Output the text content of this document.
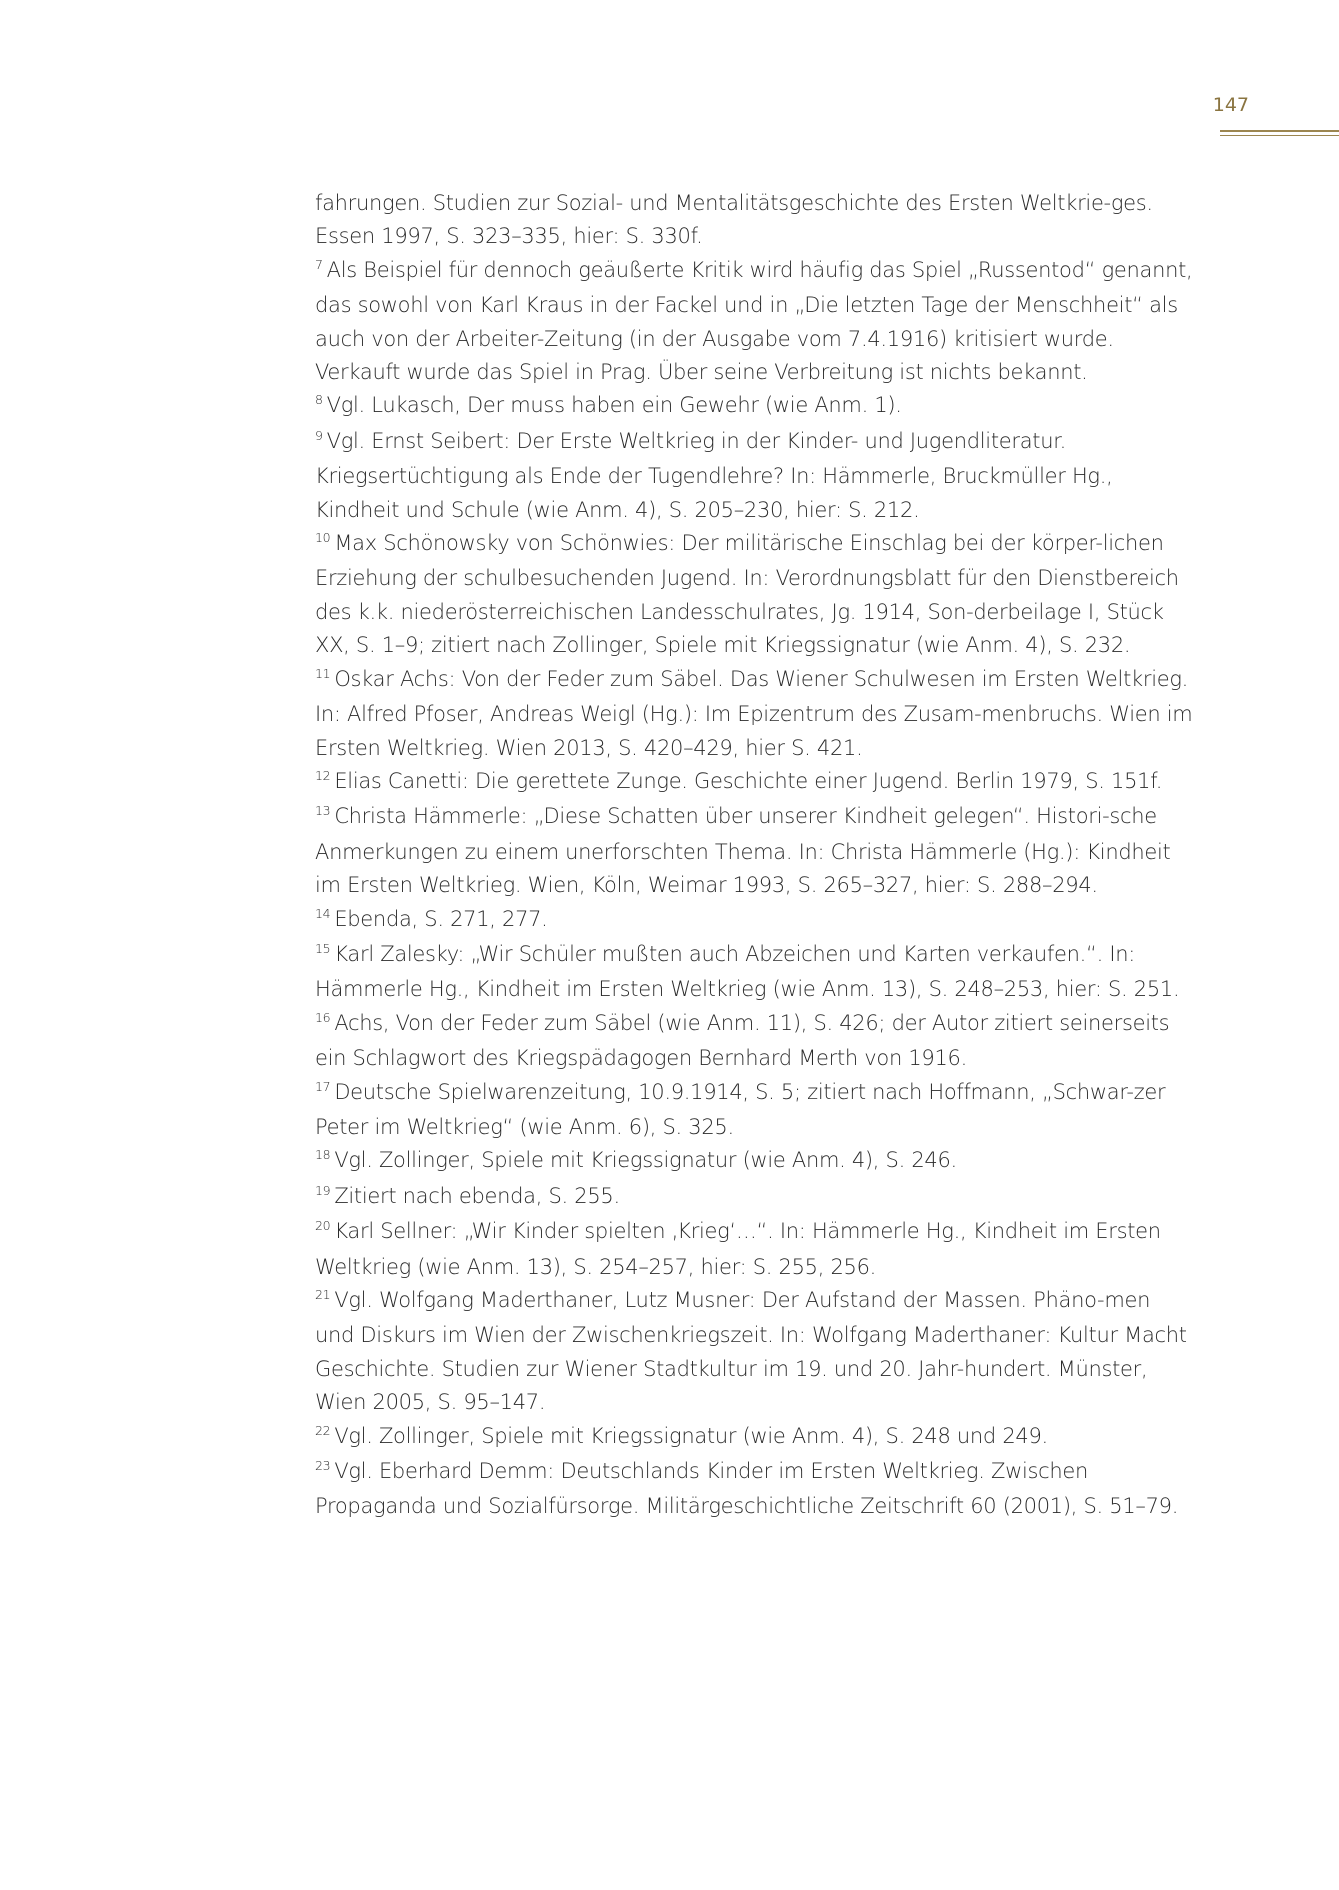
147

fahrungen. Studien zur Sozial- und Mentalitätsgeschichte des Ersten Weltkrie-ges. Essen 1997, S. 323–335, hier: S. 330f.

$^7$ Als Beispiel für dennoch geäußerte Kritik wird häufig das Spiel „Russentod“ genannt, das sowohl von Karl Kraus in der Fackel und in „Die letzten Tage der Menschheit“ als auch von der Arbeiter-Zeitung (in der Ausgabe vom 7.4.1916) kritisiert wurde. Verkauft wurde das Spiel in Prag. Über seine Verbreitung ist nichts bekannt.

$^8$ Vgl. Lukasch, Der muss haben ein Gewehr (wie Anm. 1).

$^9$ Vgl. Ernst Seibert: Der Erste Weltkrieg in der Kinder- und Jugendliteratur. Kriegsertüchtigung als Ende der Tugendlehre? In: Hämmerle, Bruckmüller Hg., Kindheit und Schule (wie Anm. 4), S. 205–230, hier: S. 212.

$^{10}$ Max Schönowsky von Schönwies: Der militärische Einschlag bei der körper-lichen Erziehung der schulbesuchenden Jugend. In: Verordnungsblatt für den Dienstbereich des k.k. niederösterreichischen Landesschulrates, Jg. 1914, Son-derbeilage I, Stück XX, S. 1–9; zitiert nach Zollinger, Spiele mit Kriegssignatur (wie Anm. 4), S. 232.

$^{11}$ Oskar Achs: Von der Feder zum Säbel. Das Wiener Schulwesen im Ersten Weltkrieg. In: Alfred Pfoser, Andreas Weigl (Hg.): Im Epizentrum des Zusam-menbruchs. Wien im Ersten Weltkrieg. Wien 2013, S. 420–429, hier S. 421.

$^{12}$ Elias Canetti: Die gerettete Zunge. Geschichte einer Jugend. Berlin 1979, S. 151f.

$^{13}$ Christa Hämmerle: „Diese Schatten über unserer Kindheit gelegen“. Histori-sche Anmerkungen zu einem unerforschten Thema. In: Christa Hämmerle (Hg.): Kindheit im Ersten Weltkrieg. Wien, Köln, Weimar 1993, S. 265–327, hier: S. 288–294.

$^{14}$ Ebenda, S. 271, 277.

$^{15}$ Karl Zalesky: „Wir Schüler mußten auch Abzeichen und Karten verkaufen.“. In: Hämmerle Hg., Kindheit im Ersten Weltkrieg (wie Anm. 13), S. 248–253, hier: S. 251.

$^{16}$ Achs, Von der Feder zum Säbel (wie Anm. 11), S. 426; der Autor zitiert seinerseits ein Schlagwort des Kriegspädagogen Bernhard Merth von 1916.

$^{17}$ Deutsche Spielwarenzeitung, 10.9.1914, S. 5; zitiert nach Hoffmann, „Schwar-zer Peter im Weltkrieg“ (wie Anm. 6), S. 325.

$^{18}$ Vgl. Zollinger, Spiele mit Kriegssignatur (wie Anm. 4), S. 246.

$^{19}$ Zitiert nach ebenda, S. 255.

$^{20}$ Karl Sellner: „Wir Kinder spielten ‚Krieg‘…“. In: Hämmerle Hg., Kindheit im Ersten Weltkrieg (wie Anm. 13), S. 254–257, hier: S. 255, 256.

$^{21}$ Vgl. Wolfgang Maderthaner, Lutz Musner: Der Aufstand der Massen. Phäno-men und Diskurs im Wien der Zwischenkriegszeit. In: Wolfgang Maderthaner: Kultur Macht Geschichte. Studien zur Wiener Stadtkultur im 19. und 20. Jahr-hundert. Münster, Wien 2005, S. 95–147.

$^{22}$ Vgl. Zollinger, Spiele mit Kriegssignatur (wie Anm. 4), S. 248 und 249.

$^{23}$ Vgl. Eberhard Demm: Deutschlands Kinder im Ersten Weltkrieg. Zwischen Propaganda und Sozialfürsorge. Militärgeschichtliche Zeitschrift 60 (2001), S. 51–79.
